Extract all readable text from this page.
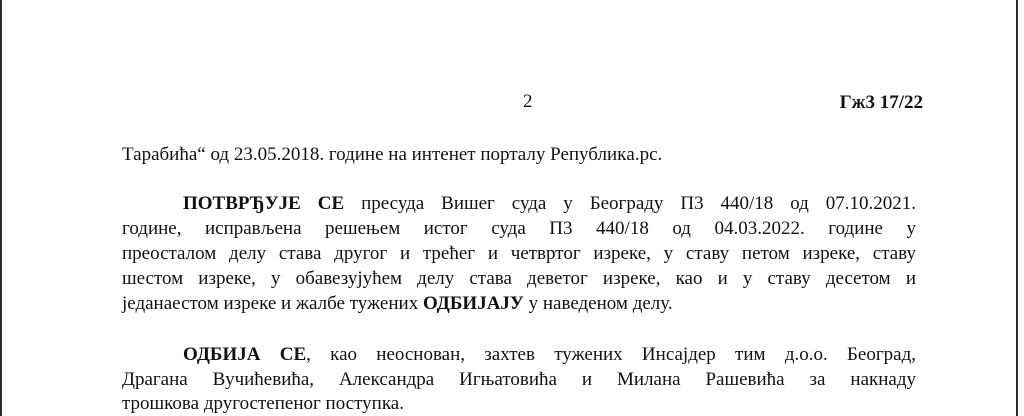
2	Гж3 17/22
Тарабића“ од 23.05.2018. године на интенет порталу Републикa.рс.
ПОТВРЂУЈЕ СЕ пресуда Вишег суда у Београду П3 440/18 од 07.10.2021.
године, исправљена решењем истог суда П3 440/18 од 04.03.2022. године у
преосталом делу става другог и трећег и четвртог изреке, у ставу петом изреке, ставу
шестом изреке, у обавезујућем делу става деветог изреке, као и у ставу десетом и
једанаестом изреке и жалбе тужених ОДБИЈАЈУ у наведеном делу.
ОДБИЈА СЕ, као неоснован, захтев тужених Инсајдер тим д.о.о. Београд,
Драгана Вучићевића, Александра Игњатовића и Милана Рашевића за накнаду
трошкова другостепеног поступка.
